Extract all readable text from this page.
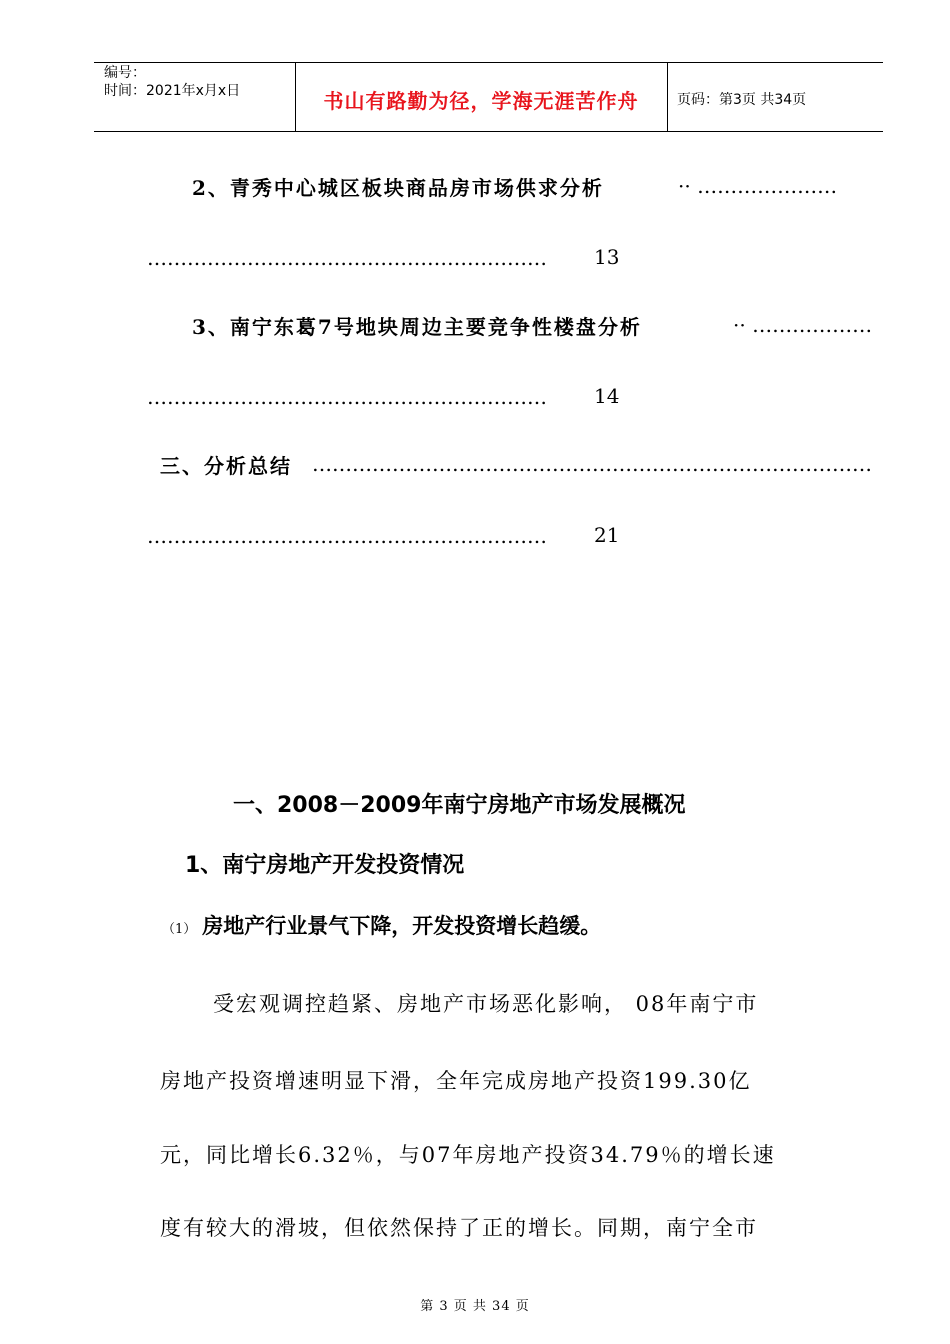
编号：
时间：2021年x月x日	书山有路勤为径，学海无涯苦作舟	页码：第3页 共34页
2、青秀中心城区板块商品房市场供求分析	·· …………………
…………………………………………………… 13
3、南宁东葛7号地块周边主要竞争性楼盘分析	·· ………………
…………………………………………………… 14
三、分析总结 …………………………………………………………………………
…………………………………………………… 21
一、2008－2009年南宁房地产市场发展概况
1、南宁房地产开发投资情况
（1） 房地产行业景气下降，开发投资增长趋缓。
受宏观调控趋紧、房地产市场恶化影响， 08年南宁市
房地产投资增速明显下滑，全年完成房地产投资199.30亿
元，同比增长6.32％，与07年房地产投资34.79％的增长速
度有较大的滑坡，但依然保持了正的增长。同期，南宁全市
第 3 页 共 34 页
